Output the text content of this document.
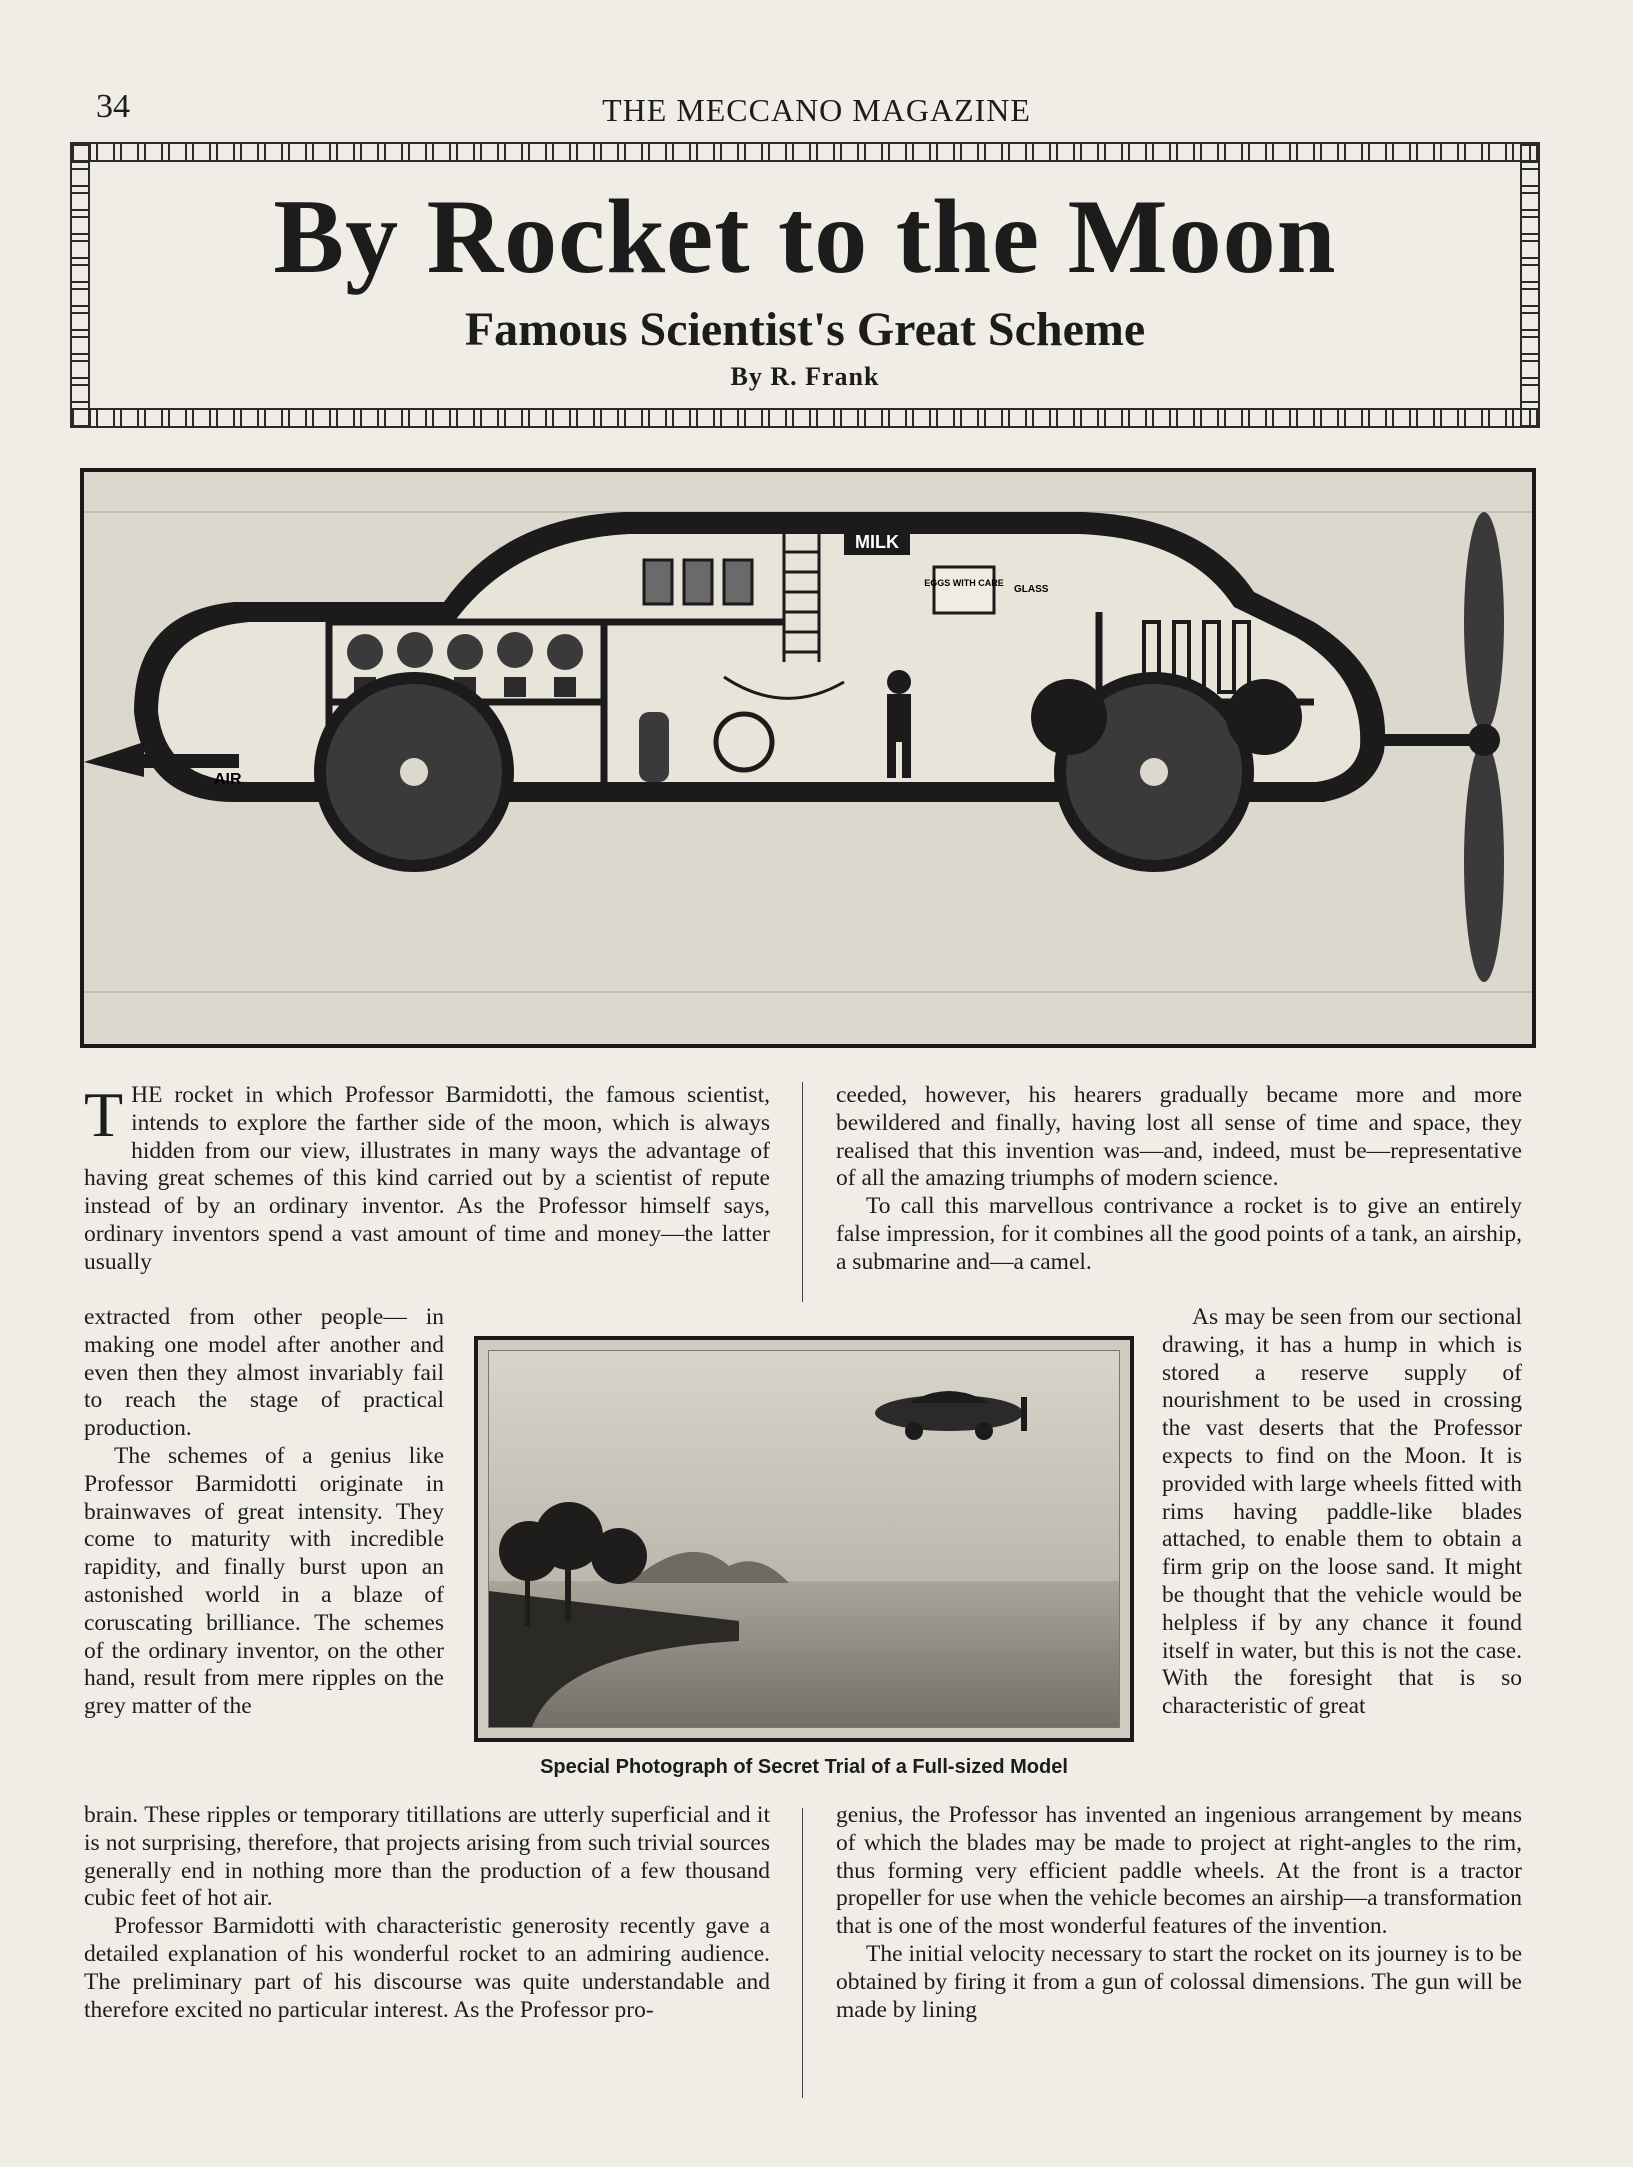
34	THE MECCANO MAGAZINE
By Rocket to the Moon
Famous Scientist's Great Scheme
By R. Frank
MILK
EGGS WITH CARE
GLASS
AIR

THE rocket in which Professor Barmidotti, the famous scientist, intends to explore the farther side of the moon, which is always hidden from our view, illustrates in many ways the advantage of having great schemes of this kind carried out by a scientist of repute instead of by an ordinary inventor. As the Professor himself says, ordinary inventors spend a vast amount of time and money—the latter usually

extracted from other people— in making one model after another and even then they almost invariably fail to reach the stage of practical production.

The schemes of a genius like Professor Barmidotti originate in brainwaves of great intensity. They come to maturity with incredible rapidity, and finally burst upon an astonished world in a blaze of coruscating brilliance. The schemes of the ordinary inventor, on the other hand, result from mere ripples on the grey matter of the

brain. These ripples or temporary titillations are utterly superficial and it is not surprising, therefore, that projects arising from such trivial sources generally end in nothing more than the production of a few thousand cubic feet of hot air.

Professor Barmidotti with characteristic generosity recently gave a detailed explanation of his wonderful rocket to an admiring audience. The preliminary part of his discourse was quite understandable and therefore excited no particular interest. As the Professor pro-

ceeded, however, his hearers gradually became more and more bewildered and finally, having lost all sense of time and space, they realised that this invention was—and, indeed, must be—representative of all the amazing triumphs of modern science.

To call this marvellous contrivance a rocket is to give an entirely false impression, for it combines all the good points of a tank, an airship, a submarine and—a camel.

As may be seen from our sectional drawing, it has a hump in which is stored a reserve supply of nourishment to be used in crossing the vast deserts that the Professor expects to find on the Moon. It is provided with large wheels fitted with rims having paddle-like blades attached, to enable them to obtain a firm grip on the loose sand. It might be thought that the vehicle would be helpless if by any chance it found itself in water, but this is not the case. With the foresight that is so characteristic of great

genius, the Professor has invented an ingenious arrangement by means of which the blades may be made to project at right-angles to the rim, thus forming very efficient paddle wheels. At the front is a tractor propeller for use when the vehicle becomes an airship—a transformation that is one of the most wonderful features of the invention.

The initial velocity necessary to start the rocket on its journey is to be obtained by firing it from a gun of colossal dimensions. The gun will be made by lining

Special Photograph of Secret Trial of a Full-sized Model
